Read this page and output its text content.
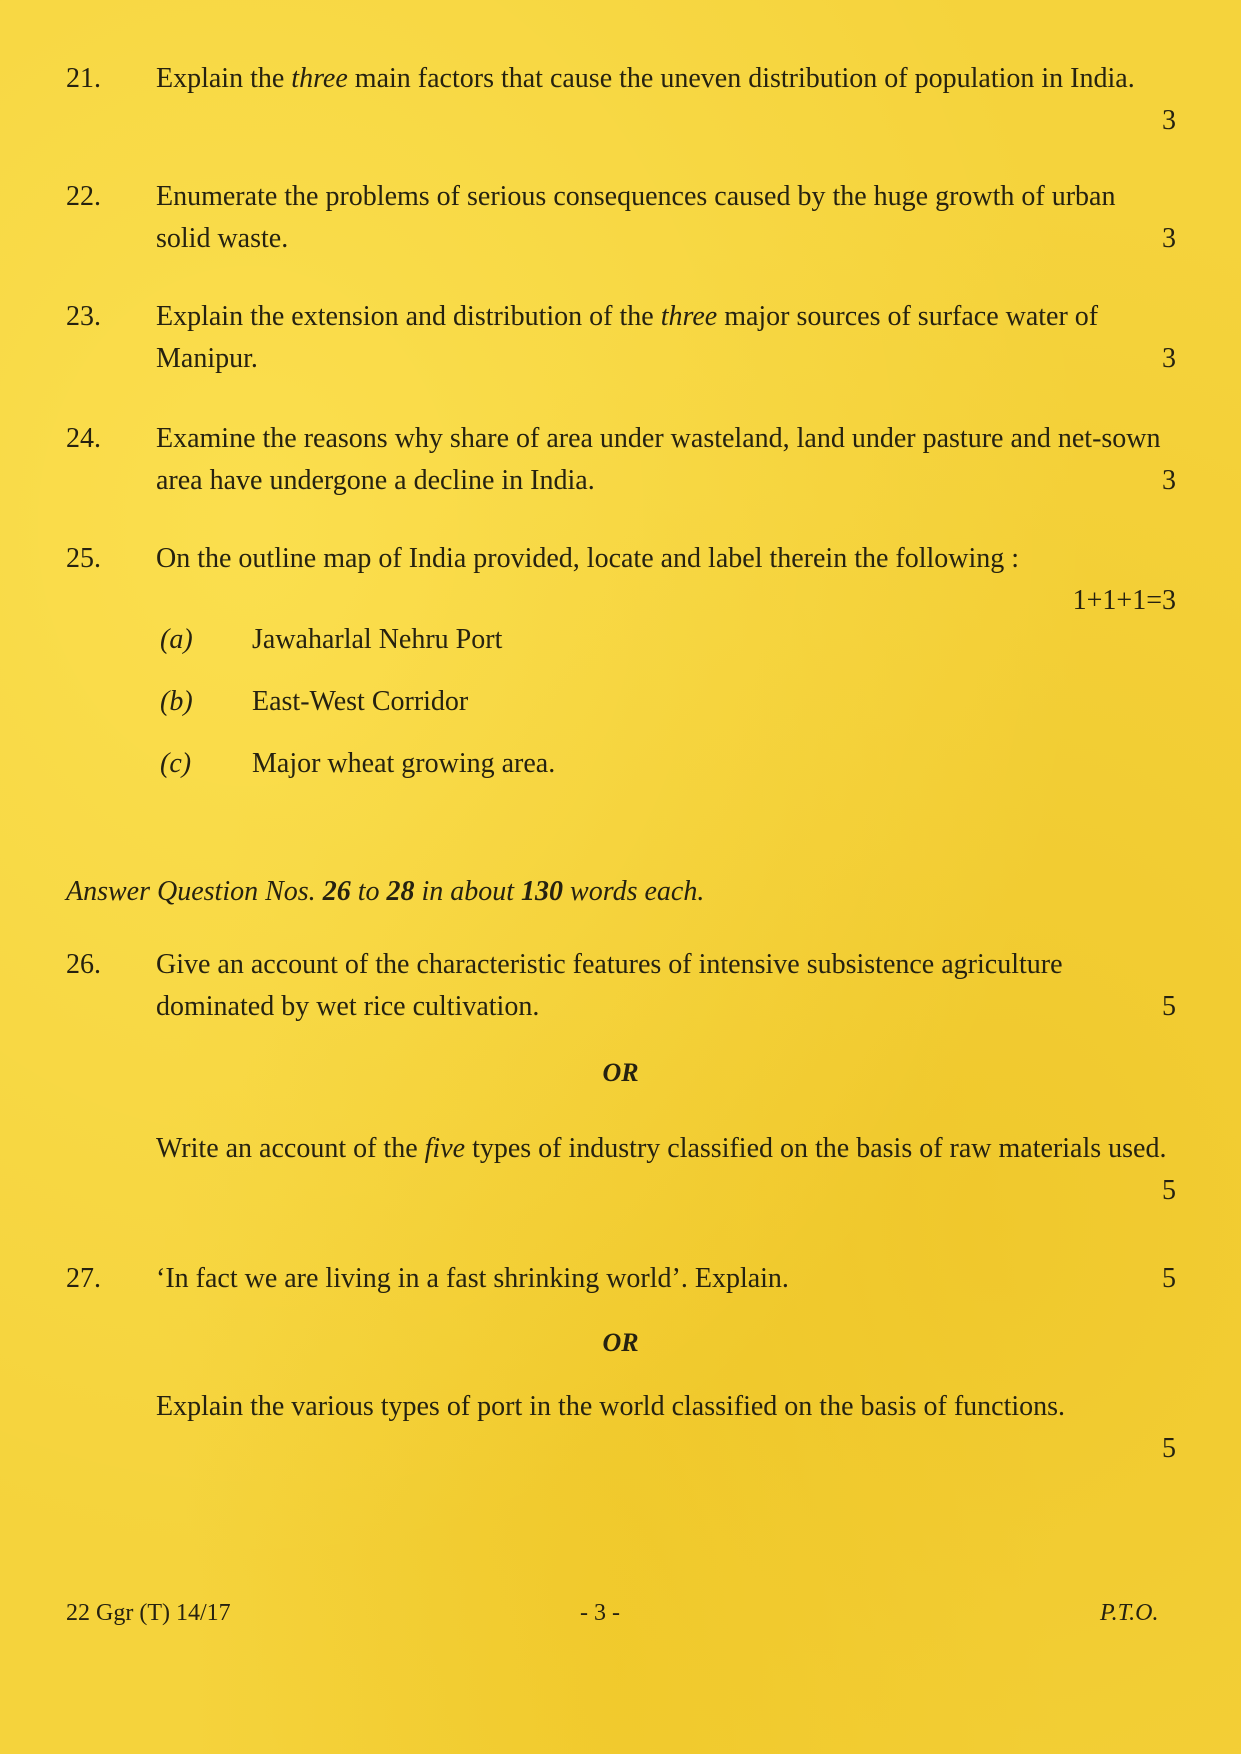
21.	Explain the three main factors that cause the uneven distribution of population in India.
3
22.	Enumerate the problems of serious consequences caused by the huge growth of urban solid waste.	3
23.	Explain the extension and distribution of the three major sources of surface water of Manipur.	3
24.	Examine the reasons why share of area under wasteland, land under pasture and net-sown area have undergone a decline in India.	3
25.	On the outline map of India provided, locate and label therein the following :
1+1+1=3
(a) Jawaharlal Nehru Port
(b) East-West Corridor
(c) Major wheat growing area.
Answer Question Nos. 26 to 28 in about 130 words each.
26.	Give an account of the characteristic features of intensive subsistence agriculture dominated by wet rice cultivation.	5
OR
Write an account of the five types of industry classified on the basis of raw materials used.
5
27.	‘In fact we are living in a fast shrinking world’. Explain.	5
OR
Explain the various types of port in the world classified on the basis of functions.
5
22 Ggr (T) 14/17	- 3 -	P.T.O.
